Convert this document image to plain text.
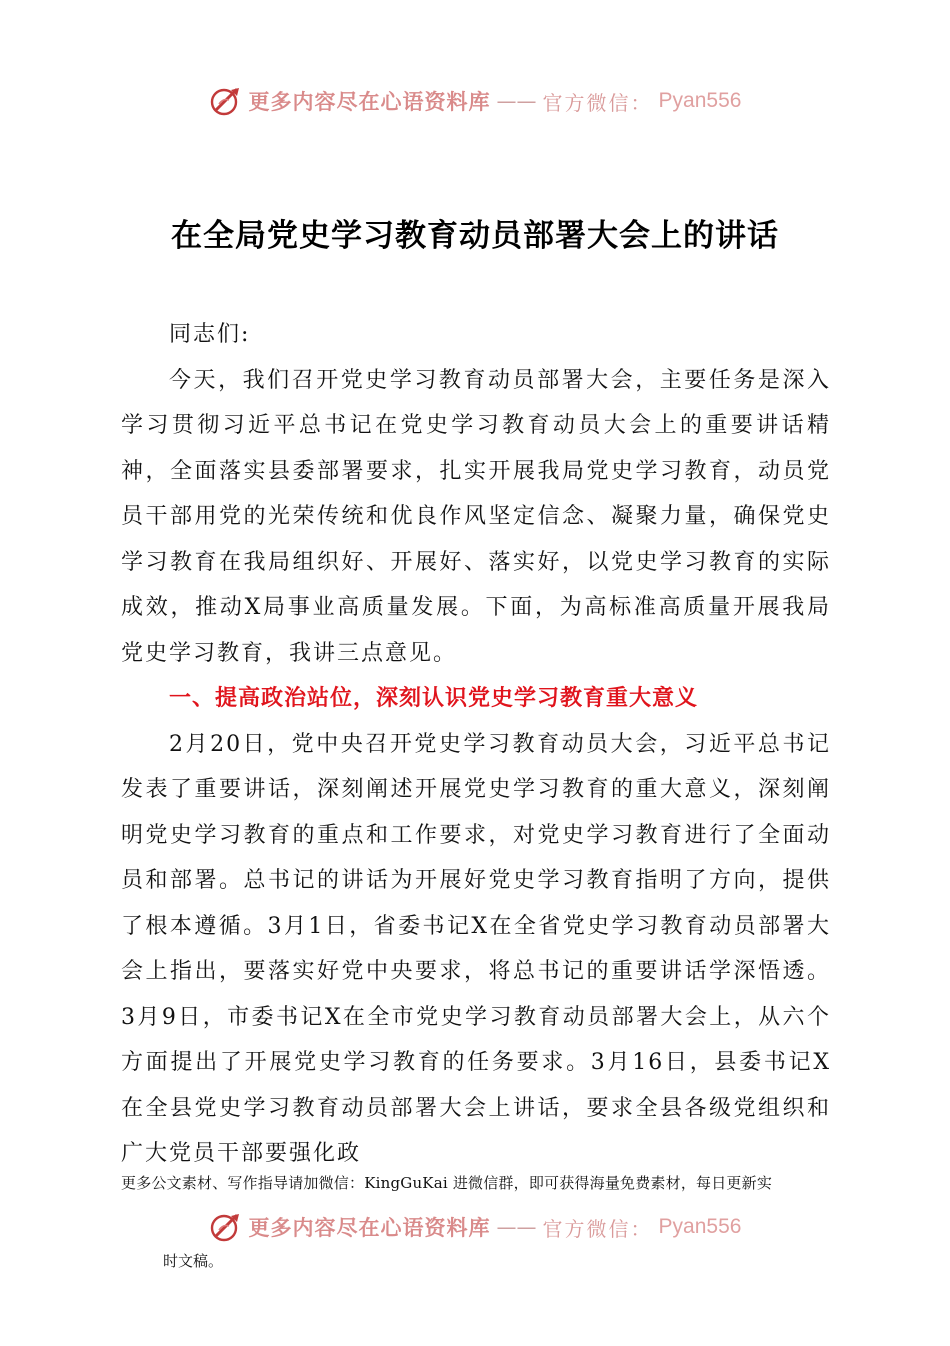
更多内容尽在心语资料库 —— 官方微信： Pyan556
在全局党史学习教育动员部署大会上的讲话

同志们:

今天，我们召开党史学习教育动员部署大会，主要任务是深入学习贯彻习近平总书记在党史学习教育动员大会上的重要讲话精神，全面落实县委部署要求，扎实开展我局党史学习教育，动员党员干部用党的光荣传统和优良作风坚定信念、凝聚力量，确保党史学习教育在我局组织好、开展好、落实好，以党史学习教育的实际成效，推动X局事业高质量发展。下面，为高标准高质量开展我局党史学习教育，我讲三点意见。

一、提高政治站位，深刻认识党史学习教育重大意义

2月20日，党中央召开党史学习教育动员大会，习近平总书记发表了重要讲话，深刻阐述开展党史学习教育的重大意义，深刻阐明党史学习教育的重点和工作要求，对党史学习教育进行了全面动员和部署。总书记的讲话为开展好党史学习教育指明了方向，提供了根本遵循。3月1日，省委书记X在全省党史学习教育动员部署大会上指出，要落实好党中央要求，将总书记的重要讲话学深悟透。3月9日，市委书记X在全市党史学习教育动员部署大会上，从六个方面提出了开展党史学习教育的任务要求。3月16日，县委书记X在全县党史学习教育动员部署大会上讲话，要求全县各级党组织和广大党员干部要强化政

更多公文素材、写作指导请加微信：KingGuKai 进微信群，即可获得海量免费素材，每日更新实
更多内容尽在心语资料库 —— 官方微信： Pyan556
时文稿。
